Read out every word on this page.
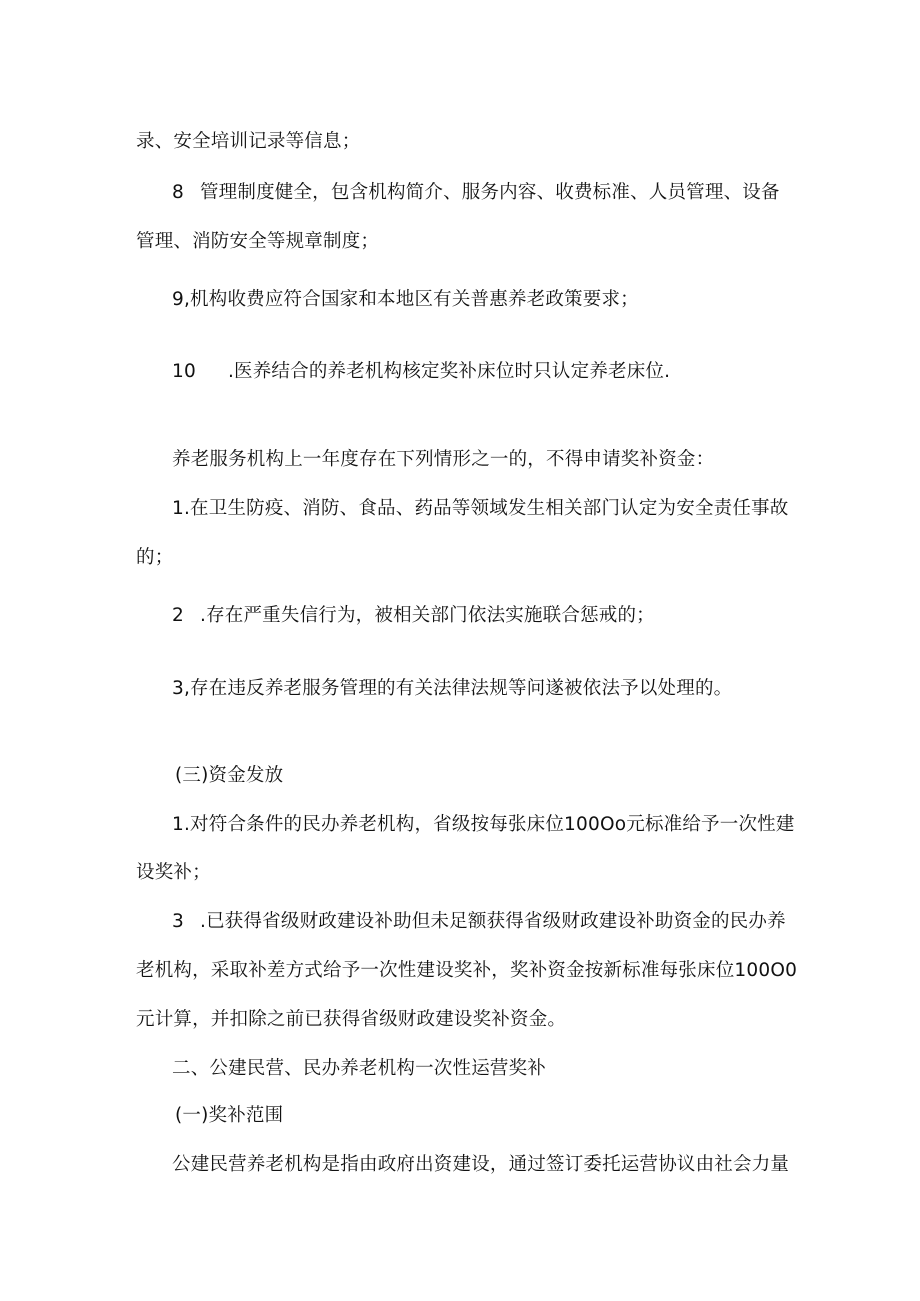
录、安全培训记录等信息；
8 管理制度健全，包含机构简介、服务内容、收费标准、人员管理、设备
管理、消防安全等规章制度；
9,机构收费应符合国家和本地区有关普惠养老政策要求；
10 .医养结合的养老机构核定奖补床位时只认定养老床位.
养老服务机构上一年度存在下列情形之一的，不得申请奖补资金：
1.在卫生防疫、消防、食品、药品等领域发生相关部门认定为安全责任事故
的；
2 .存在严重失信行为，被相关部门依法实施联合惩戒的；
3,存在违反养老服务管理的有关法律法规等问遂被依法予以处理的。
(三)资金发放
1.对符合条件的民办养老机构，省级按每张床位100Oo元标准给予一次性建
设奖补；
3 .已获得省级财政建设补助但未足额获得省级财政建设补助资金的民办养
老机构，采取补差方式给予一次性建设奖补，奖补资金按新标准每张床位100O0
元计算，并扣除之前已获得省级财政建设奖补资金。
二、公建民营、民办养老机构一次性运营奖补
(一)奖补范围
公建民营养老机构是指由政府出资建设，通过签订委托运营协议由社会力量
